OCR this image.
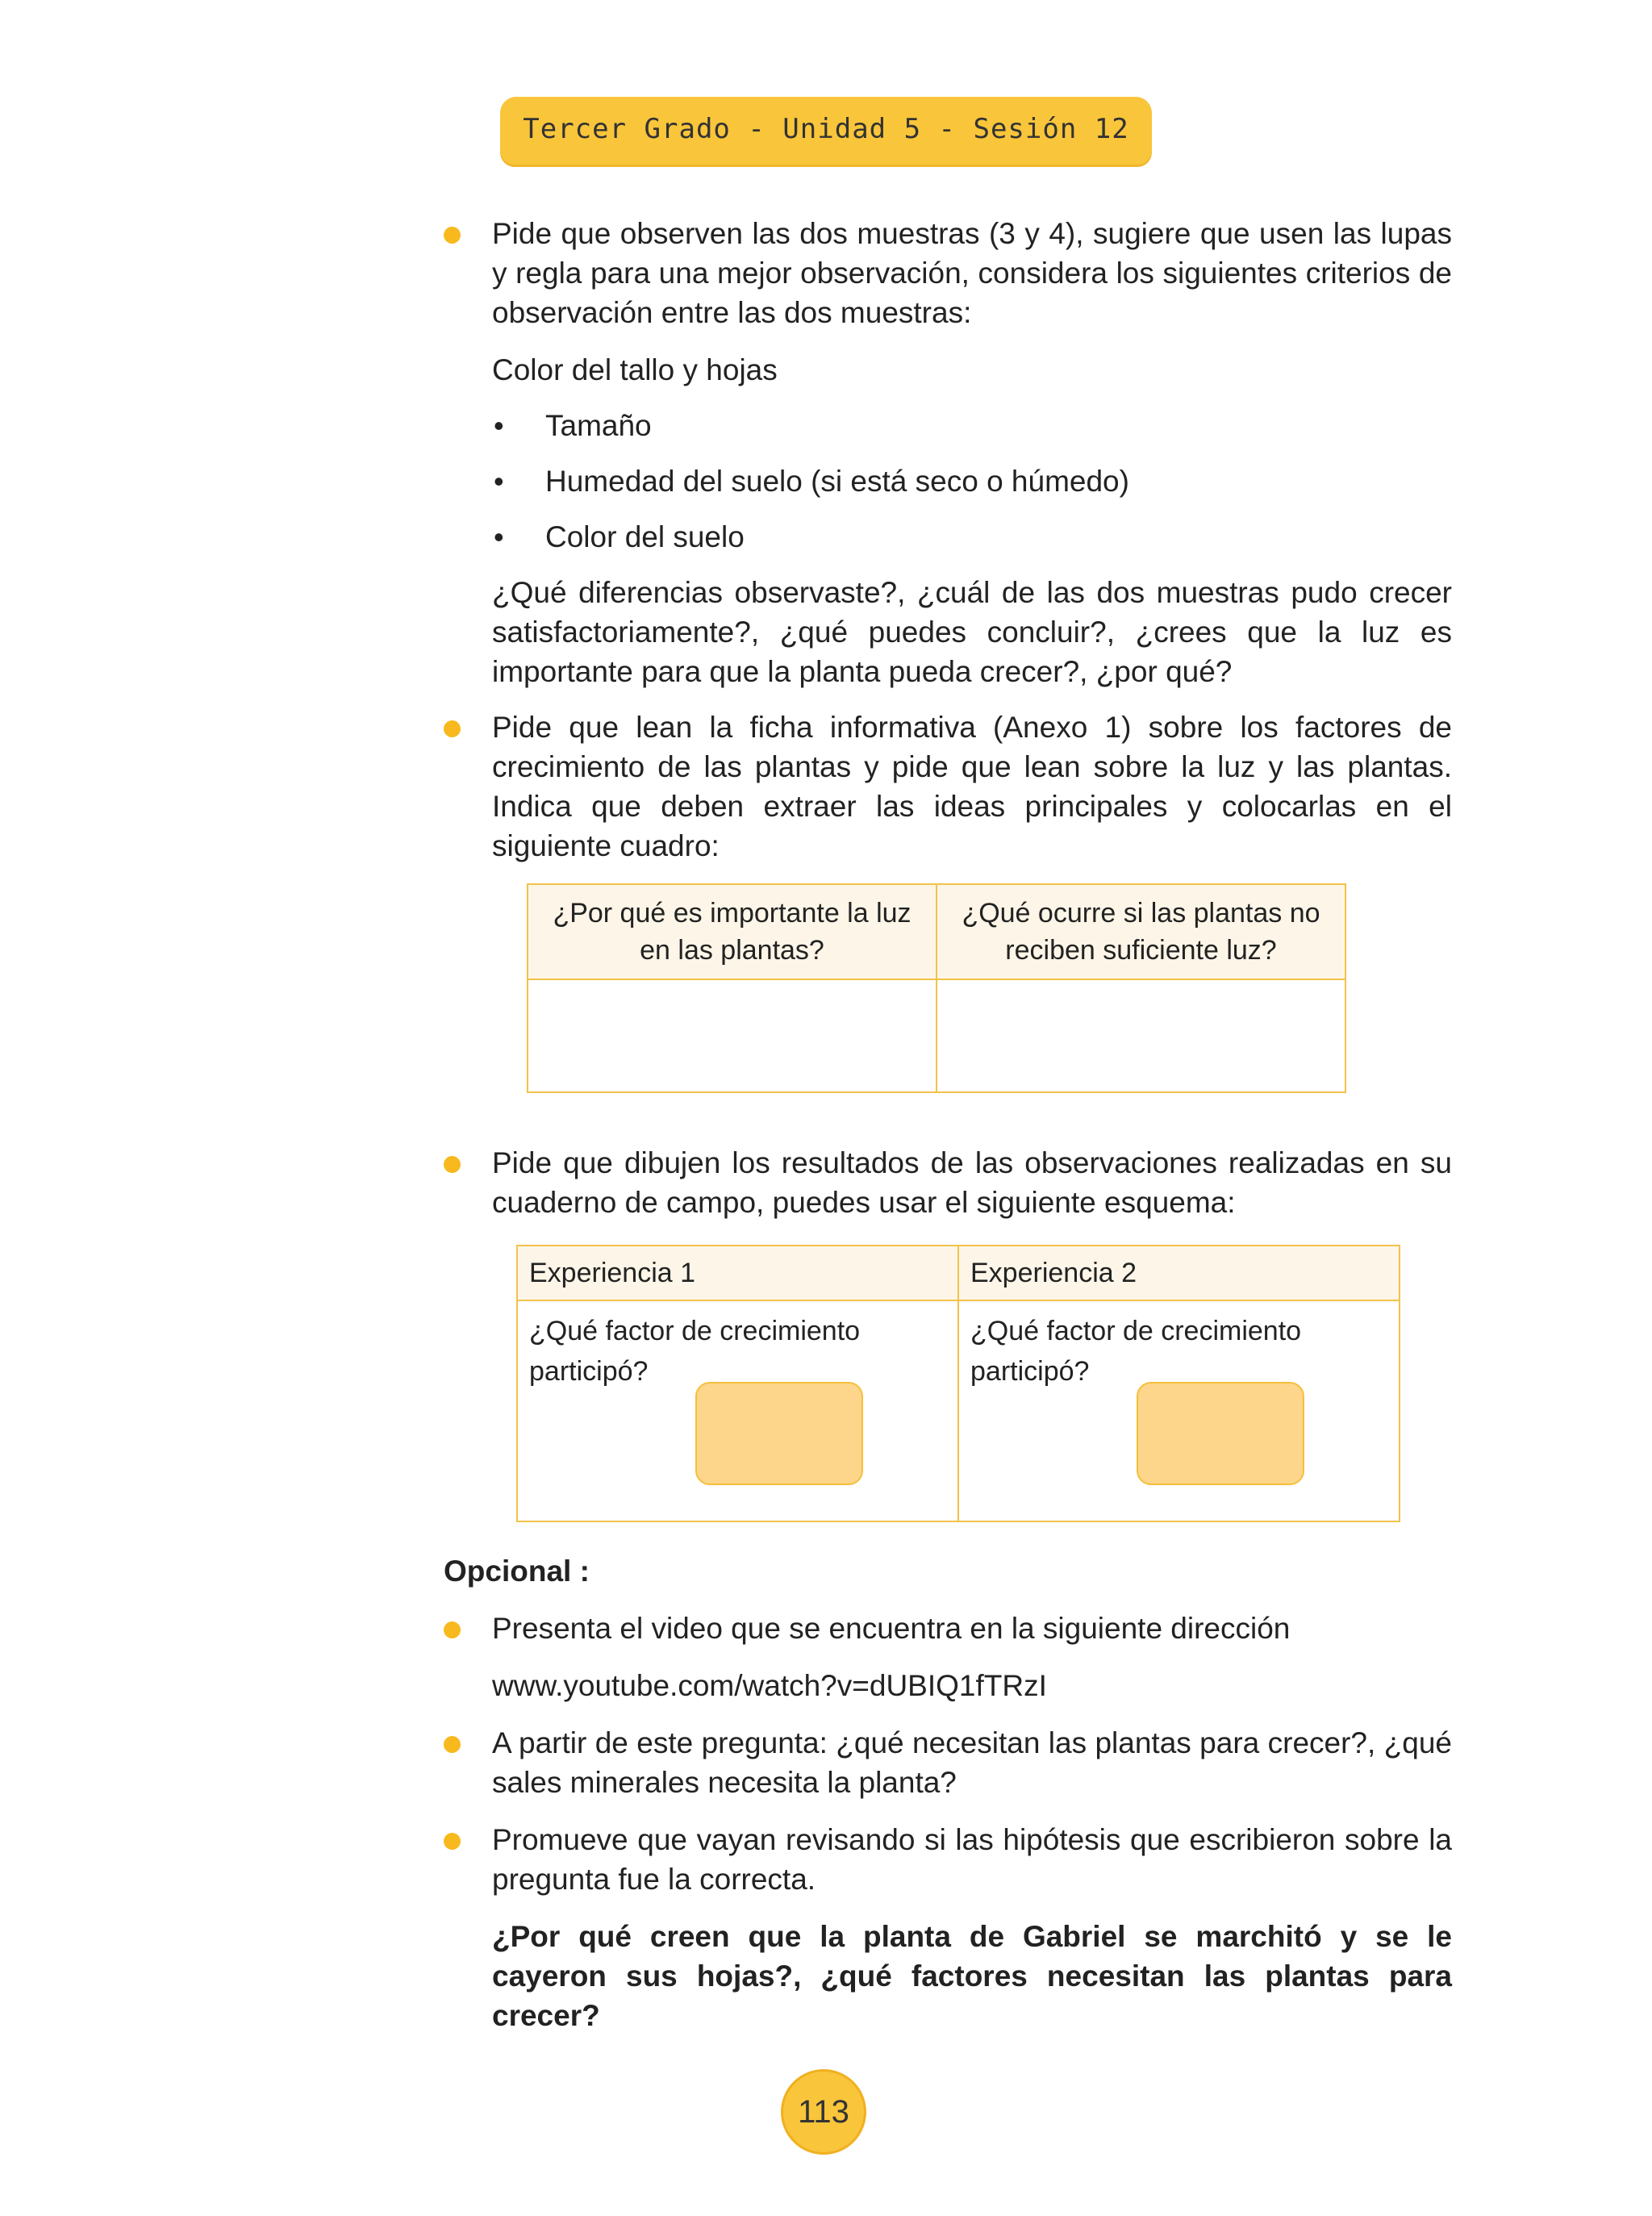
Tercer Grado - Unidad 5 - Sesión 12
Pide que observen las dos muestras (3 y 4), sugiere que usen las lupas y regla para una mejor observación, considera los siguientes criterios de observación entre las dos muestras:
Color del tallo y hojas
• Tamaño
• Humedad del suelo (si está seco o húmedo)
• Color del suelo
¿Qué diferencias observaste?, ¿cuál de las dos muestras pudo crecer satisfactoriamente?, ¿qué puedes concluir?, ¿crees que la luz es importante para que la planta pueda crecer?, ¿por qué?
Pide que lean la ficha informativa (Anexo 1) sobre los factores de crecimiento de las plantas y pide que lean sobre la luz y las plantas. Indica que deben extraer las ideas principales y colocarlas en el siguiente cuadro:
¿Por qué es importante la luz en las plantas?	¿Qué ocurre si las plantas no reciben suficiente luz?

Pide que dibujen los resultados de las observaciones realizadas en su cuaderno de campo, puedes usar el siguiente esquema:
Experiencia 1	Experiencia 2

¿Qué factor de crecimiento participó?	¿Qué factor de crecimiento participó?
Opcional :
Presenta el video que se encuentra en la siguiente dirección
www.youtube.com/watch?v=dUBIQ1fTRzI
A partir de este pregunta: ¿qué necesitan las plantas para crecer?, ¿qué sales minerales necesita la planta?
Promueve que vayan revisando si las hipótesis que escribieron sobre la pregunta fue la correcta.
¿Por qué creen que la planta de Gabriel se marchitó y se le cayeron sus hojas?, ¿qué factores necesitan las plantas para crecer?
113
